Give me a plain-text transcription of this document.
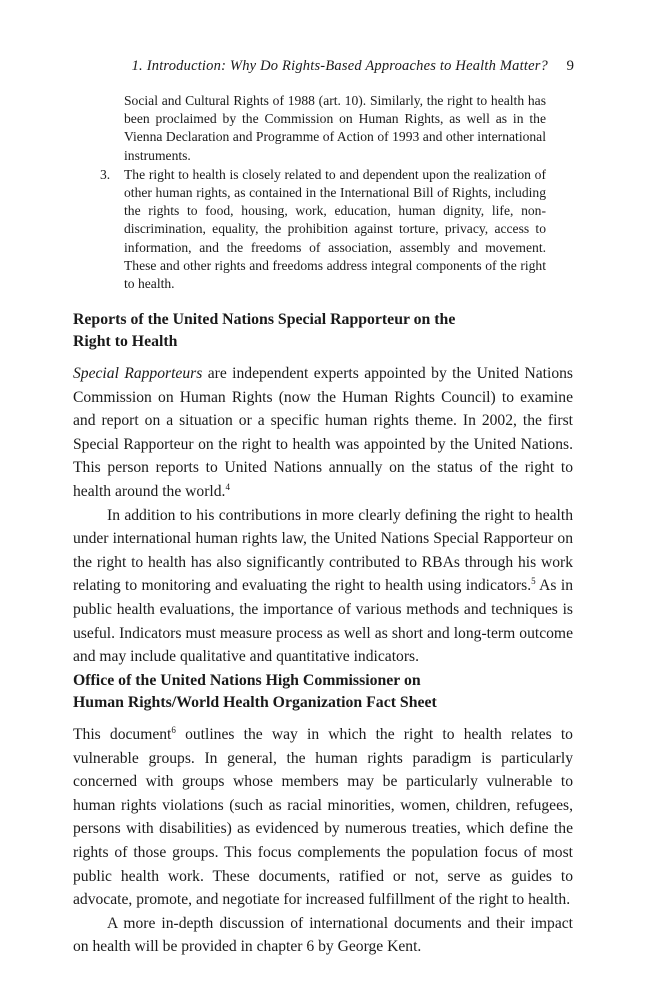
1. Introduction: Why Do Rights-Based Approaches to Health Matter? 9

Social and Cultural Rights of 1988 (art. 10). Similarly, the right to health has been proclaimed by the Commission on Human Rights, as well as in the Vienna Declaration and Programme of Action of 1993 and other international instruments.

3. The right to health is closely related to and dependent upon the realization of other human rights, as contained in the International Bill of Rights, including the rights to food, housing, work, education, human dignity, life, non-discrimination, equality, the prohibition against torture, privacy, access to information, and the freedoms of association, assembly and movement. These and other rights and freedoms address integral components of the right to health.

Reports of the United Nations Special Rapporteur on the
Right to Health

Special Rapporteurs are independent experts appointed by the United Nations Commission on Human Rights (now the Human Rights Council) to examine and report on a situation or a specific human rights theme. In 2002, the first Special Rapporteur on the right to health was appointed by the United Nations. This person reports to United Nations annually on the status of the right to health around the world.$^4$

In addition to his contributions in more clearly defining the right to health under international human rights law, the United Nations Special Rapporteur on the right to health has also significantly contributed to RBAs through his work relating to monitoring and evaluating the right to health using indicators.$^5$ As in public health evaluations, the importance of various methods and techniques is useful. Indicators must measure process as well as short and long-term outcome and may include qualitative and quantitative indicators.

Office of the United Nations High Commissioner on
Human Rights/World Health Organization Fact Sheet

This document$^6$ outlines the way in which the right to health relates to vulnerable groups. In general, the human rights paradigm is particularly concerned with groups whose members may be particularly vulnerable to human rights violations (such as racial minorities, women, children, refugees, persons with disabilities) as evidenced by numerous treaties, which define the rights of those groups. This focus complements the population focus of most public health work. These documents, ratified or not, serve as guides to advocate, promote, and negotiate for increased fulfillment of the right to health.

A more in-depth discussion of international documents and their impact on health will be provided in chapter 6 by George Kent.
